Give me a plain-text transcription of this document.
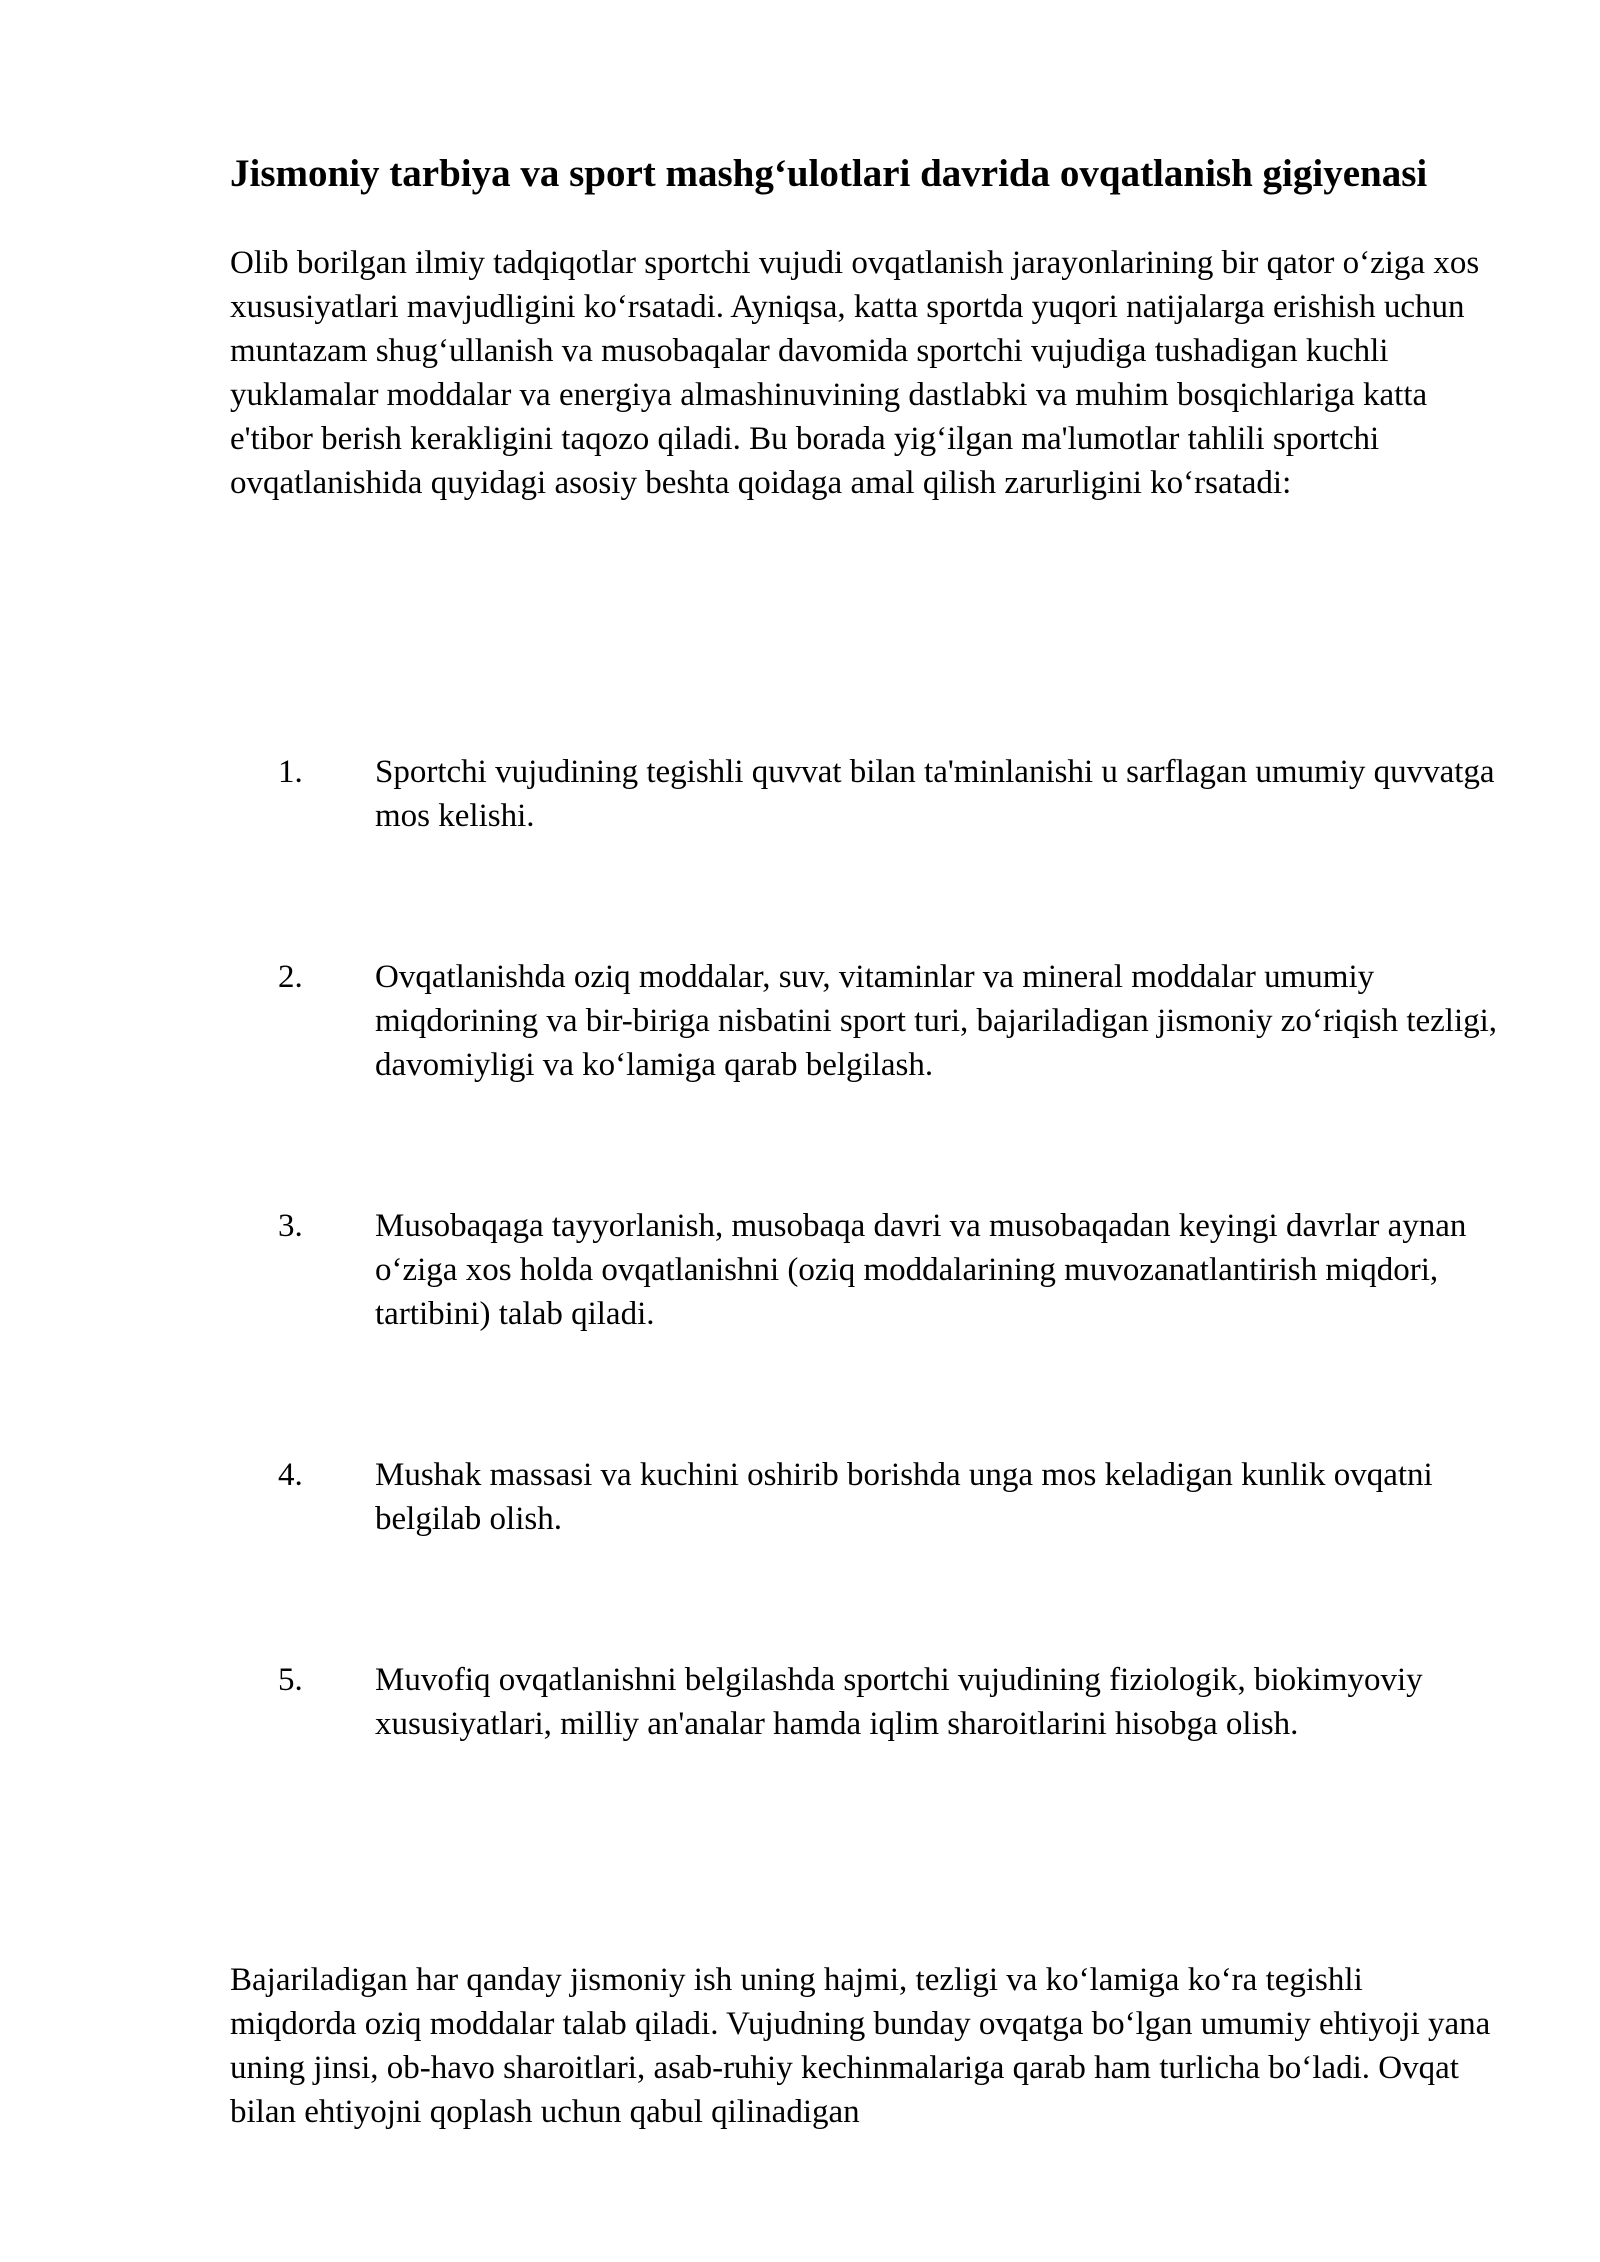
Jismoniy tarbiya va sport mashg‘ulotlari davrida ovqatlanish gigiyenasi

Olib borilgan ilmiy tadqiqotlar sportchi vujudi ovqatlanish jarayonlarining bir qator o‘ziga xos xususiyatlari mavjudligini ko‘rsatadi. Ayniqsa, katta sportda yuqori natijalarga erishish uchun muntazam shug‘ullanish va musobaqalar davomida sportchi vujudiga tushadigan kuchli yuklamalar moddalar va energiya almashinuvining dastlabki va muhim bosqichlariga katta e'tibor berish kerakligini taqozo qiladi. Bu borada yig‘ilgan ma'lumotlar tahlili sportchi ovqatlanishida quyidagi asosiy beshta qoidaga amal qilish zarurligini ko‘rsatadi:

1.	Sportchi vujudining tegishli quvvat bilan ta'minlanishi u sarflagan umumiy quvvatga mos kelishi.
2.	Ovqatlanishda oziq moddalar, suv, vitaminlar va mineral moddalar umumiy miqdorining va bir-biriga nisbatini sport turi, bajariladigan jismoniy zo‘riqish tezligi, davomiyligi va ko‘lamiga qarab belgilash.
3.	Musobaqaga tayyorlanish, musobaqa davri va musobaqadan keyingi davrlar aynan o‘ziga xos holda ovqatlanishni (oziq moddalarining muvozanatlantirish miqdori, tartibini) talab qiladi.
4.	Mushak massasi va kuchini oshirib borishda unga mos keladigan kunlik ovqatni belgilab olish.
5.	Muvofiq ovqatlanishni belgilashda sportchi vujudining fiziologik, biokimyoviy xususiyatlari, milliy an'analar hamda iqlim sharoitlarini hisobga olish.

Bajariladigan har qanday jismoniy ish uning hajmi, tezligi va ko‘lamiga ko‘ra tegishli miqdorda oziq moddalar talab qiladi. Vujudning bunday ovqatga bo‘lgan umumiy ehtiyoji yana uning jinsi, ob-havo sharoitlari, asab-ruhiy kechinmalariga qarab ham turlicha bo‘ladi. Ovqat bilan ehtiyojni qoplash uchun qabul qilinadigan
